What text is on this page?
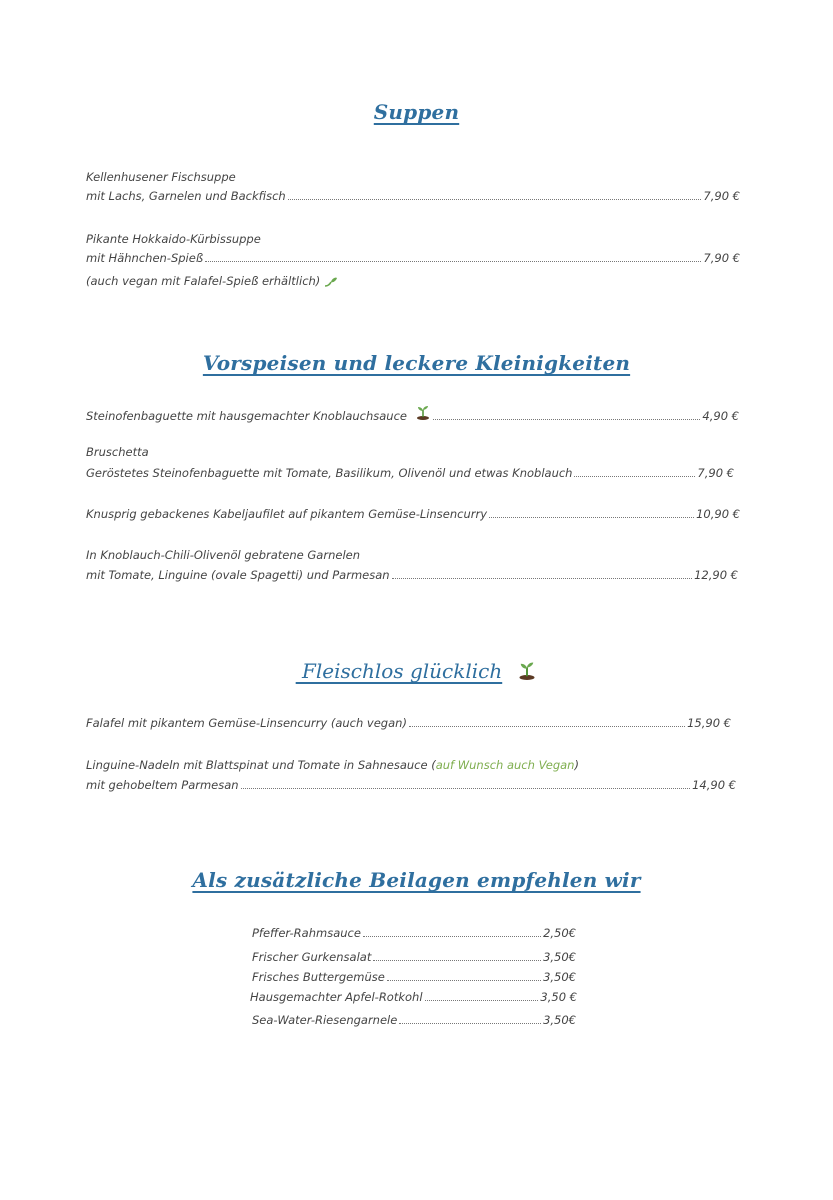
Suppen
Kellenhusener Fischsuppe
mit Lachs, Garnelen und Backfisch	7,90 €
Pikante Hokkaido-Kürbissuppe
mit Hähnchen-Spieß	7,90 €
(auch vegan mit Falafel-Spieß erhältlich)
Vorspeisen und leckere Kleinigkeiten
Steinofenbaguette mit hausgemachter Knoblauchsauce	4,90 €
Bruschetta
Geröstetes Steinofenbaguette mit Tomate, Basilikum, Olivenöl und etwas Knoblauch	7,90 €
Knusprig gebackenes Kabeljaufilet auf pikantem Gemüse-Linsencurry	10,90 €
In Knoblauch-Chili-Olivenöl gebratene Garnelen
mit Tomate, Linguine (ovale Spagetti) und Parmesan	12,90 €
Fleischlos glücklich
Falafel mit pikantem Gemüse-Linsencurry (auch vegan)	15,90 €
Linguine-Nadeln mit Blattspinat und Tomate in Sahnesauce (auf Wunsch auch Vegan)
mit gehobeltem Parmesan	14,90 €
Als zusätzliche Beilagen empfehlen wir
Pfeffer-Rahmsauce	2,50€
Frischer Gurkensalat	3,50€
Frisches Buttergemüse	3,50€
Hausgemachter Apfel-Rotkohl	3,50 €
Sea-Water-Riesengarnele	3,50€
